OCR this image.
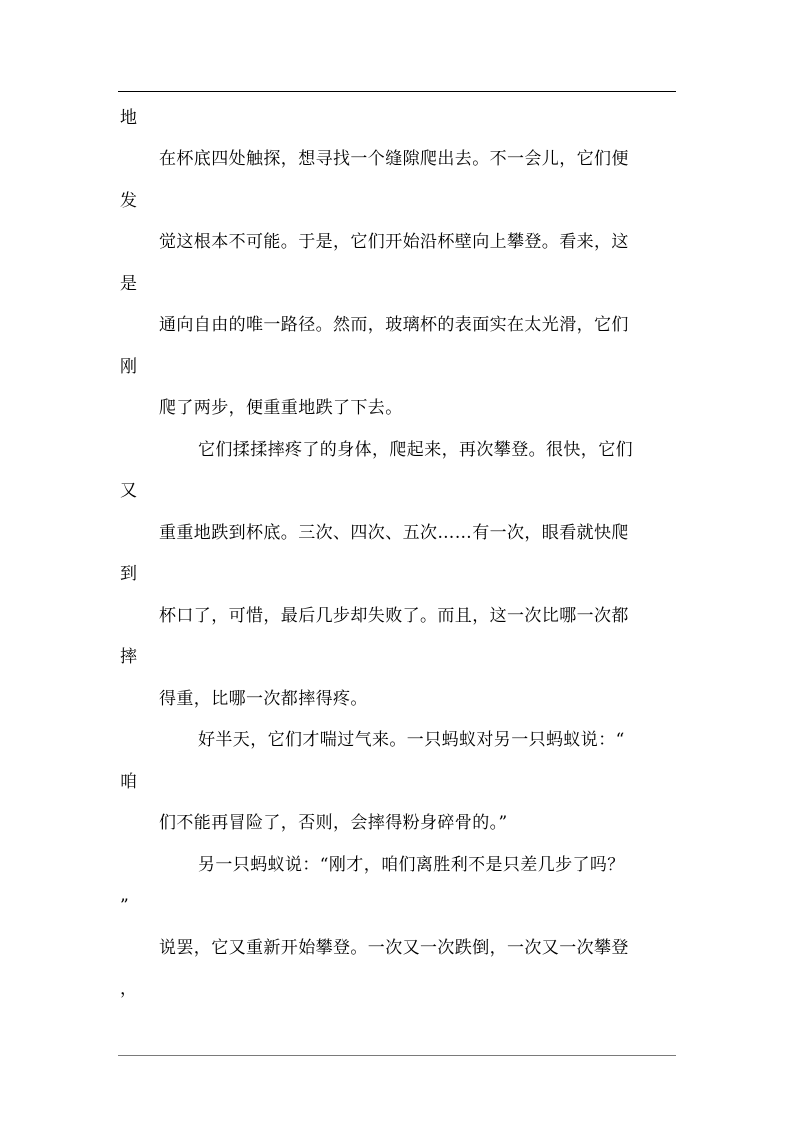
地
在杯底四处触探，想寻找一个缝隙爬出去。不一会儿，它们便
发
觉这根本不可能。于是，它们开始沿杯壁向上攀登。看来，这
是
通向自由的唯一路径。然而，玻璃杯的表面实在太光滑，它们
刚
爬了两步，便重重地跌了下去。
它们揉揉摔疼了的身体，爬起来，再次攀登。很快，它们
又
重重地跌到杯底。三次、四次、五次……有一次，眼看就快爬
到
杯口了，可惜，最后几步却失败了。而且，这一次比哪一次都
摔
得重，比哪一次都摔得疼。
好半天，它们才喘过气来。一只蚂蚁对另一只蚂蚁说：“
咱
们不能再冒险了，否则，会摔得粉身碎骨的。”
另一只蚂蚁说：“刚才，咱们离胜利不是只差几步了吗？
”
说罢，它又重新开始攀登。一次又一次跌倒，一次又一次攀登
，
